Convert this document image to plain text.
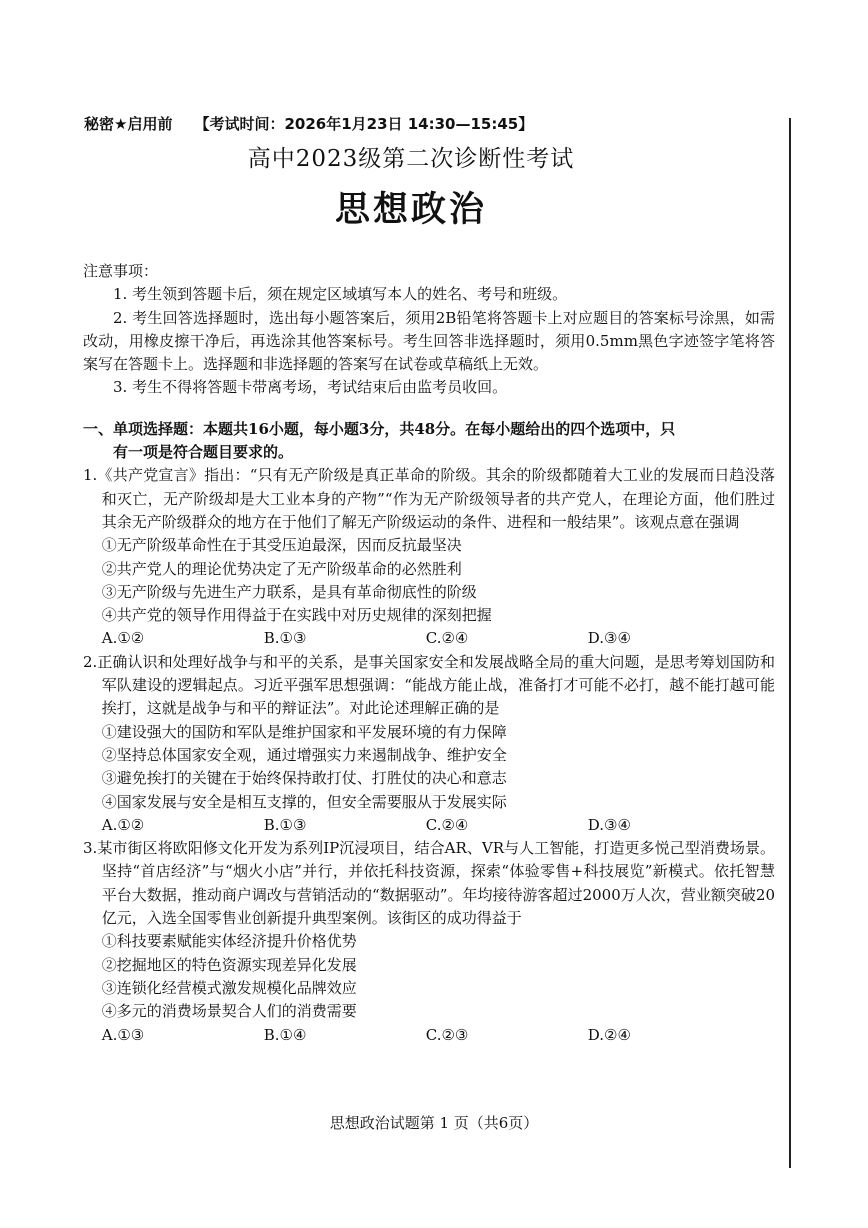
秘密★启用前 【考试时间：2026年1月23日 14:30—15:45】
高中2023级第二次诊断性考试
思想政治
注意事项：
1. 考生领到答题卡后，须在规定区域填写本人的姓名、考号和班级。
2. 考生回答选择题时，选出每小题答案后，须用2B铅笔将答题卡上对应题目的答案标号涂黑，如需改动，用橡皮擦干净后，再选涂其他答案标号。考生回答非选择题时，须用0.5mm黑色字迹签字笔将答案写在答题卡上。选择题和非选择题的答案写在试卷或草稿纸上无效。
3. 考生不得将答题卡带离考场，考试结束后由监考员收回。
一、单项选择题：本题共16小题，每小题3分，共48分。在每小题给出的四个选项中，只
有一项是符合题目要求的。
1.《共产党宣言》指出：“只有无产阶级是真正革命的阶级。其余的阶级都随着大工业的发展而日趋没落和灭亡，无产阶级却是大工业本身的产物”“作为无产阶级领导者的共产党人，在理论方面，他们胜过其余无产阶级群众的地方在于他们了解无产阶级运动的条件、进程和一般结果”。该观点意在强调
①无产阶级革命性在于其受压迫最深，因而反抗最坚决
②共产党人的理论优势决定了无产阶级革命的必然胜利
③无产阶级与先进生产力联系，是具有革命彻底性的阶级
④共产党的领导作用得益于在实践中对历史规律的深刻把握
A.①②	B.①③	C.②④	D.③④
2.正确认识和处理好战争与和平的关系，是事关国家安全和发展战略全局的重大问题，是思考筹划国防和军队建设的逻辑起点。习近平强军思想强调：“能战方能止战，准备打才可能不必打，越不能打越可能挨打，这就是战争与和平的辩证法”。对此论述理解正确的是
①建设强大的国防和军队是维护国家和平发展环境的有力保障
②坚持总体国家安全观，通过增强实力来遏制战争、维护安全
③避免挨打的关键在于始终保持敢打仗、打胜仗的决心和意志
④国家发展与安全是相互支撑的，但安全需要服从于发展实际
A.①②	B.①③	C.②④	D.③④
3.某市街区将欧阳修文化开发为系列IP沉浸项目，结合AR、VR与人工智能，打造更多悦己型消费场景。坚持“首店经济”与“烟火小店”并行，并依托科技资源，探索“体验零售+科技展览”新模式。依托智慧平台大数据，推动商户调改与营销活动的“数据驱动”。年均接待游客超过2000万人次，营业额突破20亿元，入选全国零售业创新提升典型案例。该街区的成功得益于
①科技要素赋能实体经济提升价格优势
②挖掘地区的特色资源实现差异化发展
③连锁化经营模式激发规模化品牌效应
④多元的消费场景契合人们的消费需要
A.①③	B.①④	C.②③	D.②④
思想政治试题第 1 页（共6页）
